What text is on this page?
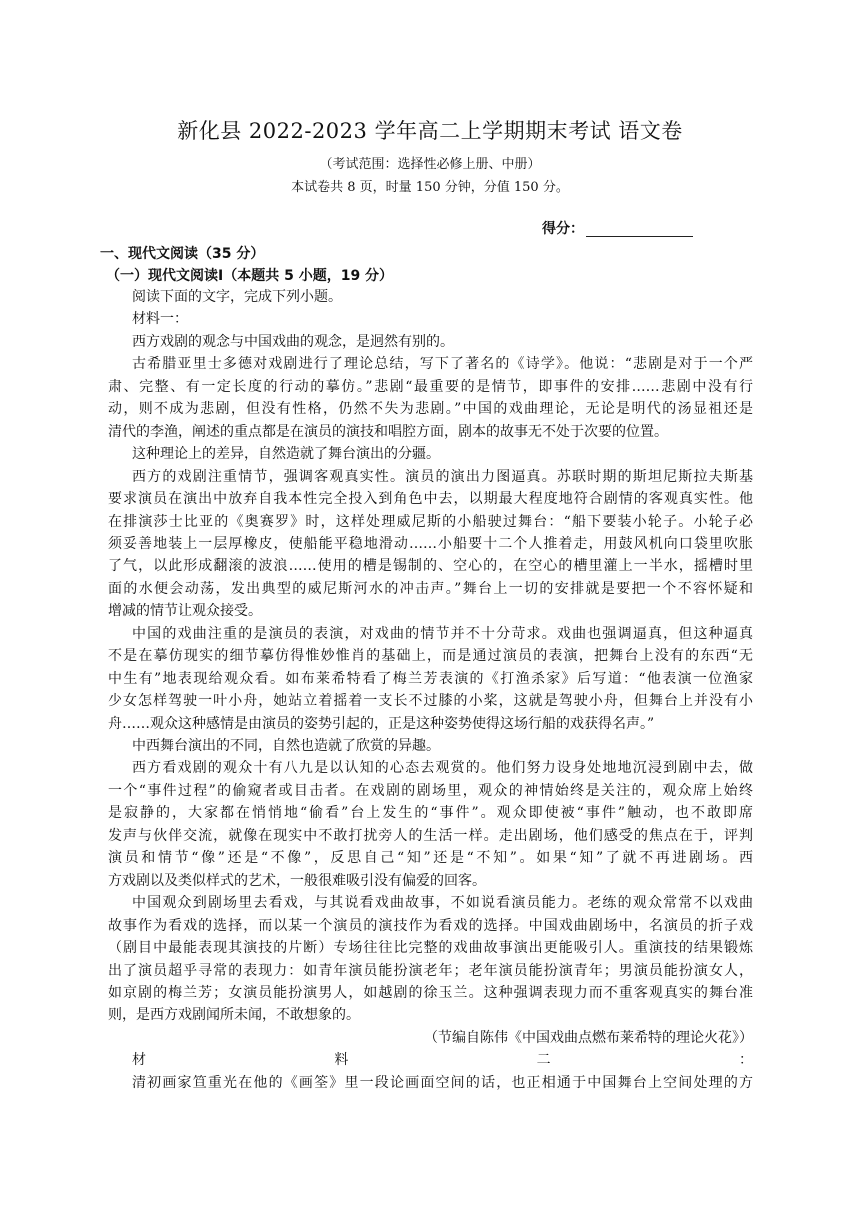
新化县 2022-2023 学年高二上学期期末考试 语文卷
（考试范围：选择性必修上册、中册）
本试卷共 8 页，时量 150 分钟，分值 150 分。
得分：
一、现代文阅读（35 分）
（一）现代文阅读Ⅰ（本题共 5 小题，19 分）
阅读下面的文字，完成下列小题。
材料一：
西方戏剧的观念与中国戏曲的观念，是迥然有别的。
古希腊亚里士多德对戏剧进行了理论总结，写下了著名的《诗学》。他说：“悲剧是对于一个严
肃、完整、有一定长度的行动的摹仿。”悲剧“最重要的是情节，即事件的安排……悲剧中没有行
动，则不成为悲剧，但没有性格，仍然不失为悲剧。”中国的戏曲理论，无论是明代的汤显祖还是
清代的李渔，阐述的重点都是在演员的演技和唱腔方面，剧本的故事无不处于次要的位置。
这种理论上的差异，自然造就了舞台演出的分疆。
西方的戏剧注重情节，强调客观真实性。演员的演出力图逼真。苏联时期的斯坦尼斯拉夫斯基
要求演员在演出中放弃自我本性完全投入到角色中去，以期最大程度地符合剧情的客观真实性。他
在排演莎士比亚的《奥赛罗》时，这样处理威尼斯的小船驶过舞台：“船下要装小轮子。小轮子必
须妥善地装上一层厚橡皮，使船能平稳地滑动……小船要十二个人推着走，用鼓风机向口袋里吹胀
了气，以此形成翻滚的波浪……使用的槽是锡制的、空心的，在空心的槽里灌上一半水，摇槽时里
面的水便会动荡，发出典型的威尼斯河水的冲击声。”舞台上一切的安排就是要把一个不容怀疑和
增减的情节让观众接受。
中国的戏曲注重的是演员的表演，对戏曲的情节并不十分苛求。戏曲也强调逼真，但这种逼真
不是在摹仿现实的细节摹仿得惟妙惟肖的基础上，而是通过演员的表演，把舞台上没有的东西“无
中生有”地表现给观众看。如布莱希特看了梅兰芳表演的《打渔杀家》后写道：“他表演一位渔家
少女怎样驾驶一叶小舟，她站立着摇着一支长不过膝的小桨，这就是驾驶小舟，但舞台上并没有小
舟……观众这种感情是由演员的姿势引起的，正是这种姿势使得这场行船的戏获得名声。”
中西舞台演出的不同，自然也造就了欣赏的异趣。
西方看戏剧的观众十有八九是以认知的心态去观赏的。他们努力设身处地地沉浸到剧中去，做
一个“事件过程”的偷窥者或目击者。在戏剧的剧场里，观众的神情始终是关注的，观众席上始终
是寂静的，大家都在悄悄地“偷看”台上发生的“事件”。观众即使被“事件”触动，也不敢即席
发声与伙伴交流，就像在现实中不敢打扰旁人的生活一样。走出剧场，他们感受的焦点在于，评判
演员和情节“像”还是“不像”，反思自己“知”还是“不知”。如果“知”了就不再进剧场。西
方戏剧以及类似样式的艺术，一般很难吸引没有偏爱的回客。
中国观众到剧场里去看戏，与其说看戏曲故事，不如说看演员能力。老练的观众常常不以戏曲
故事作为看戏的选择，而以某一个演员的演技作为看戏的选择。中国戏曲剧场中，名演员的折子戏
（剧目中最能表现其演技的片断）专场往往比完整的戏曲故事演出更能吸引人。重演技的结果锻炼
出了演员超乎寻常的表现力：如青年演员能扮演老年；老年演员能扮演青年；男演员能扮演女人，
如京剧的梅兰芳；女演员能扮演男人，如越剧的徐玉兰。这种强调表现力而不重客观真实的舞台准
则，是西方戏剧闻所未闻，不敢想象的。
（节编自陈伟《中国戏曲点燃布莱希特的理论火花》）
材料二：
清初画家笪重光在他的《画筌》里一段论画面空间的话，也正相通于中国舞台上空间处理的方
